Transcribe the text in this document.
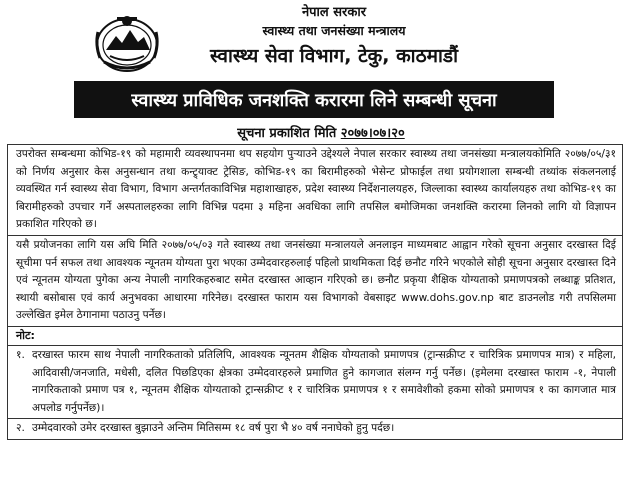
नेपाल सरकार
स्वास्थ्य तथा जनसंख्या मन्त्रालय
स्वास्थ्य सेवा विभाग, टेकु, काठमाडौं
स्वास्थ्य प्राविधिक जनशक्ति करारमा लिने सम्बन्धी सूचना
सूचना प्रकाशित मिति २०७७।०७।२०
उपरोक्त सम्बन्धमा कोभिड-१९ को महामारी व्यवस्थापनमा थप सहयोग पुऱ्याउने उद्देश्यले नेपाल सरकार स्वास्थ्य तथा जनसंख्या मन्त्रालयकोमिति २०७७/०५/३१ को निर्णय अनुसार केस अनुसन्धान तथा कन्ट्र्याक्ट ट्रेसिङ, कोभिड-१९ का बिरामीहरुको भेसेन्ट प्रोफाईल तथा प्रयोगशाला सम्बन्धी तथ्यांक संकलनलाई व्यवस्थित गर्न स्वास्थ्य सेवा विभाग, विभाग अन्तर्गतकाविभिन्न महाशाखाहरु, प्रदेश स्वास्थ्य निर्देशनालयहरु, जिल्लाका स्वास्थ्य कार्यालयहरु तथा कोभिड-१९ का बिरामीहरुको उपचार गर्ने अस्पतालहरुका लागि विभिन्न पदमा ३ महिना अवधिका लागि तपसिल बमोजिमका जनशक्ति करारमा लिनको लागि यो विज्ञापन प्रकाशित गरिएको छ।
यसै प्रयोजनका लागि यस अघि मिति २०७७/०५/०३ गते स्वास्थ्य तथा जनसंख्या मन्त्रालयले अनलाइन माध्यमबाट आह्वान गरेको सूचना अनुसार दरखास्त दिई सूचीमा पर्न सफल तथा आवश्यक न्यूनतम योग्यता पुरा भएका उम्मेदवारहरुलाई पहिलो प्राथमिकता दिई छनौट गरिने भएकोले सोही सूचना अनुसार दरखास्त दिने एवं न्यूनतम योग्यता पुगेका अन्य नेपाली नागरिकहरुबाट समेत दरखास्त आव्हान गरिएको छ। छनौट प्रकृया शैक्षिक योग्यताको प्रमाणपत्रको लब्धाङ्क प्रतिशत, स्थायी बसोबास एवं कार्य अनुभवका आधारमा गरिनेछ। दरखास्त फाराम यस विभागको वेबसाइट www.dohs.gov.np बाट डाउनलोड गरी तपसिलमा उल्लेखित इमेल ठेगानामा पठाउनु पर्नेछ।
नोट:
१. दरखास्त फारम साथ नेपाली नागरिकताको प्रतिलिपि, आवश्यक न्यूनतम शैक्षिक योग्यताको प्रमाणपत्र (ट्रान्सक्रीप्ट र चारित्रिक प्रमाणपत्र मात्र) र महिला, आदिवासी/जनजाति, मधेसी, दलित पिछडिएका क्षेत्रका उम्मेदवारहरुले प्रमाणित हुने कागजात संलग्न गर्नु पर्नेछ। (इमेलमा दरखास्त फाराम -१, नेपाली नागरिकताको प्रमाण पत्र १, न्यूनतम शैक्षिक योग्यताको ट्रान्सक्रीप्ट १ र चारित्रिक प्रमाणपत्र १ र समावेशीको हकमा सोको प्रमाणपत्र १ का कागजात मात्र अपलोड गर्नुपर्नेछ)।
२. उम्मेदवारको उमेर दरखास्त बुझाउने अन्तिम मितिसम्म १८ वर्ष पुरा भै ४० वर्ष ननाघेको हुनु पर्दछ।
